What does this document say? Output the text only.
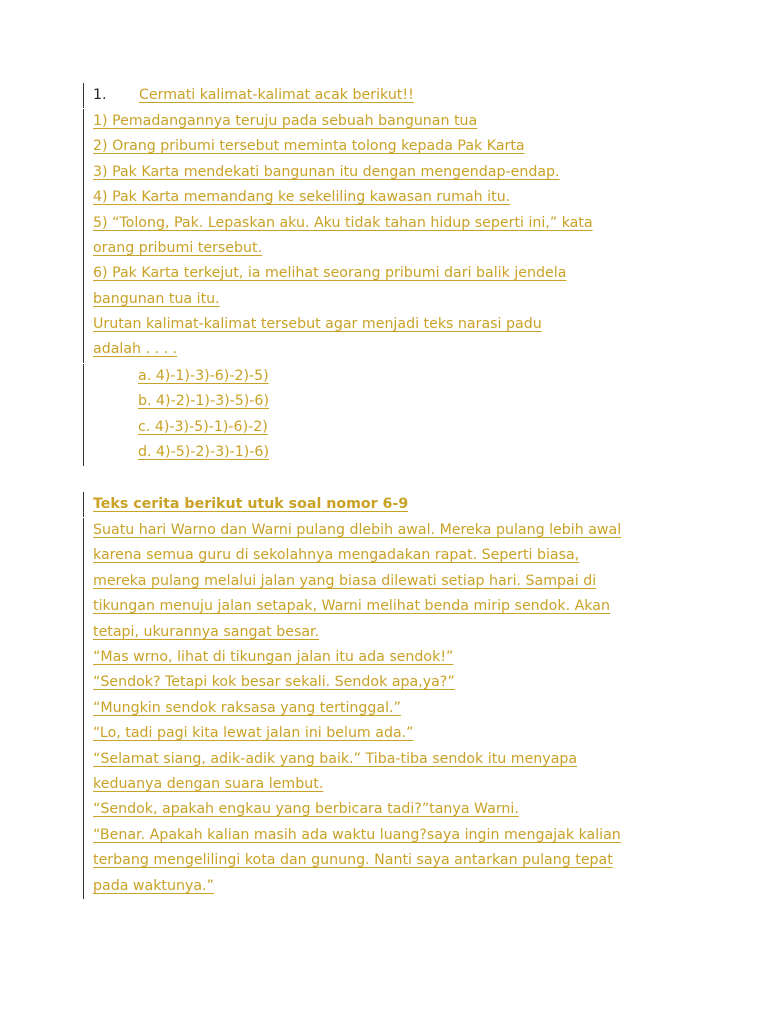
1. Cermati kalimat-kalimat acak berikut!!
1) Pemadangannya teruju pada sebuah bangunan tua
2) Orang pribumi tersebut meminta tolong kepada Pak Karta
3) Pak Karta mendekati bangunan itu dengan mengendap-endap.
4) Pak Karta memandang ke sekeliling kawasan rumah itu.
5) “Tolong, Pak. Lepaskan aku. Aku tidak tahan hidup seperti ini,” kata
orang pribumi tersebut.
6) Pak Karta terkejut, ia melihat seorang pribumi dari balik jendela
bangunan tua itu.
Urutan kalimat-kalimat tersebut agar menjadi teks narasi padu
adalah . . . .
a. 4)-1)-3)-6)-2)-5)
b. 4)-2)-1)-3)-5)-6)
c. 4)-3)-5)-1)-6)-2)
d. 4)-5)-2)-3)-1)-6)
Teks cerita berikut utuk soal nomor 6-9
Suatu hari Warno dan Warni pulang dlebih awal. Mereka pulang lebih awal
karena semua guru di sekolahnya mengadakan rapat. Seperti biasa,
mereka pulang melalui jalan yang biasa dilewati setiap hari. Sampai di
tikungan menuju jalan setapak, Warni melihat benda mirip sendok. Akan
tetapi, ukurannya sangat besar.
“Mas wrno, lihat di tikungan jalan itu ada sendok!”
“Sendok? Tetapi kok besar sekali. Sendok apa,ya?”
“Mungkin sendok raksasa yang tertinggal.”
“Lo, tadi pagi kita lewat jalan ini belum ada.”
“Selamat siang, adik-adik yang baik.” Tiba-tiba sendok itu menyapa
keduanya dengan suara lembut.
“Sendok, apakah engkau yang berbicara tadi?”tanya Warni.
“Benar. Apakah kalian masih ada waktu luang?saya ingin mengajak kalian
terbang mengelilingi kota dan gunung. Nanti saya antarkan pulang tepat
pada waktunya.”
